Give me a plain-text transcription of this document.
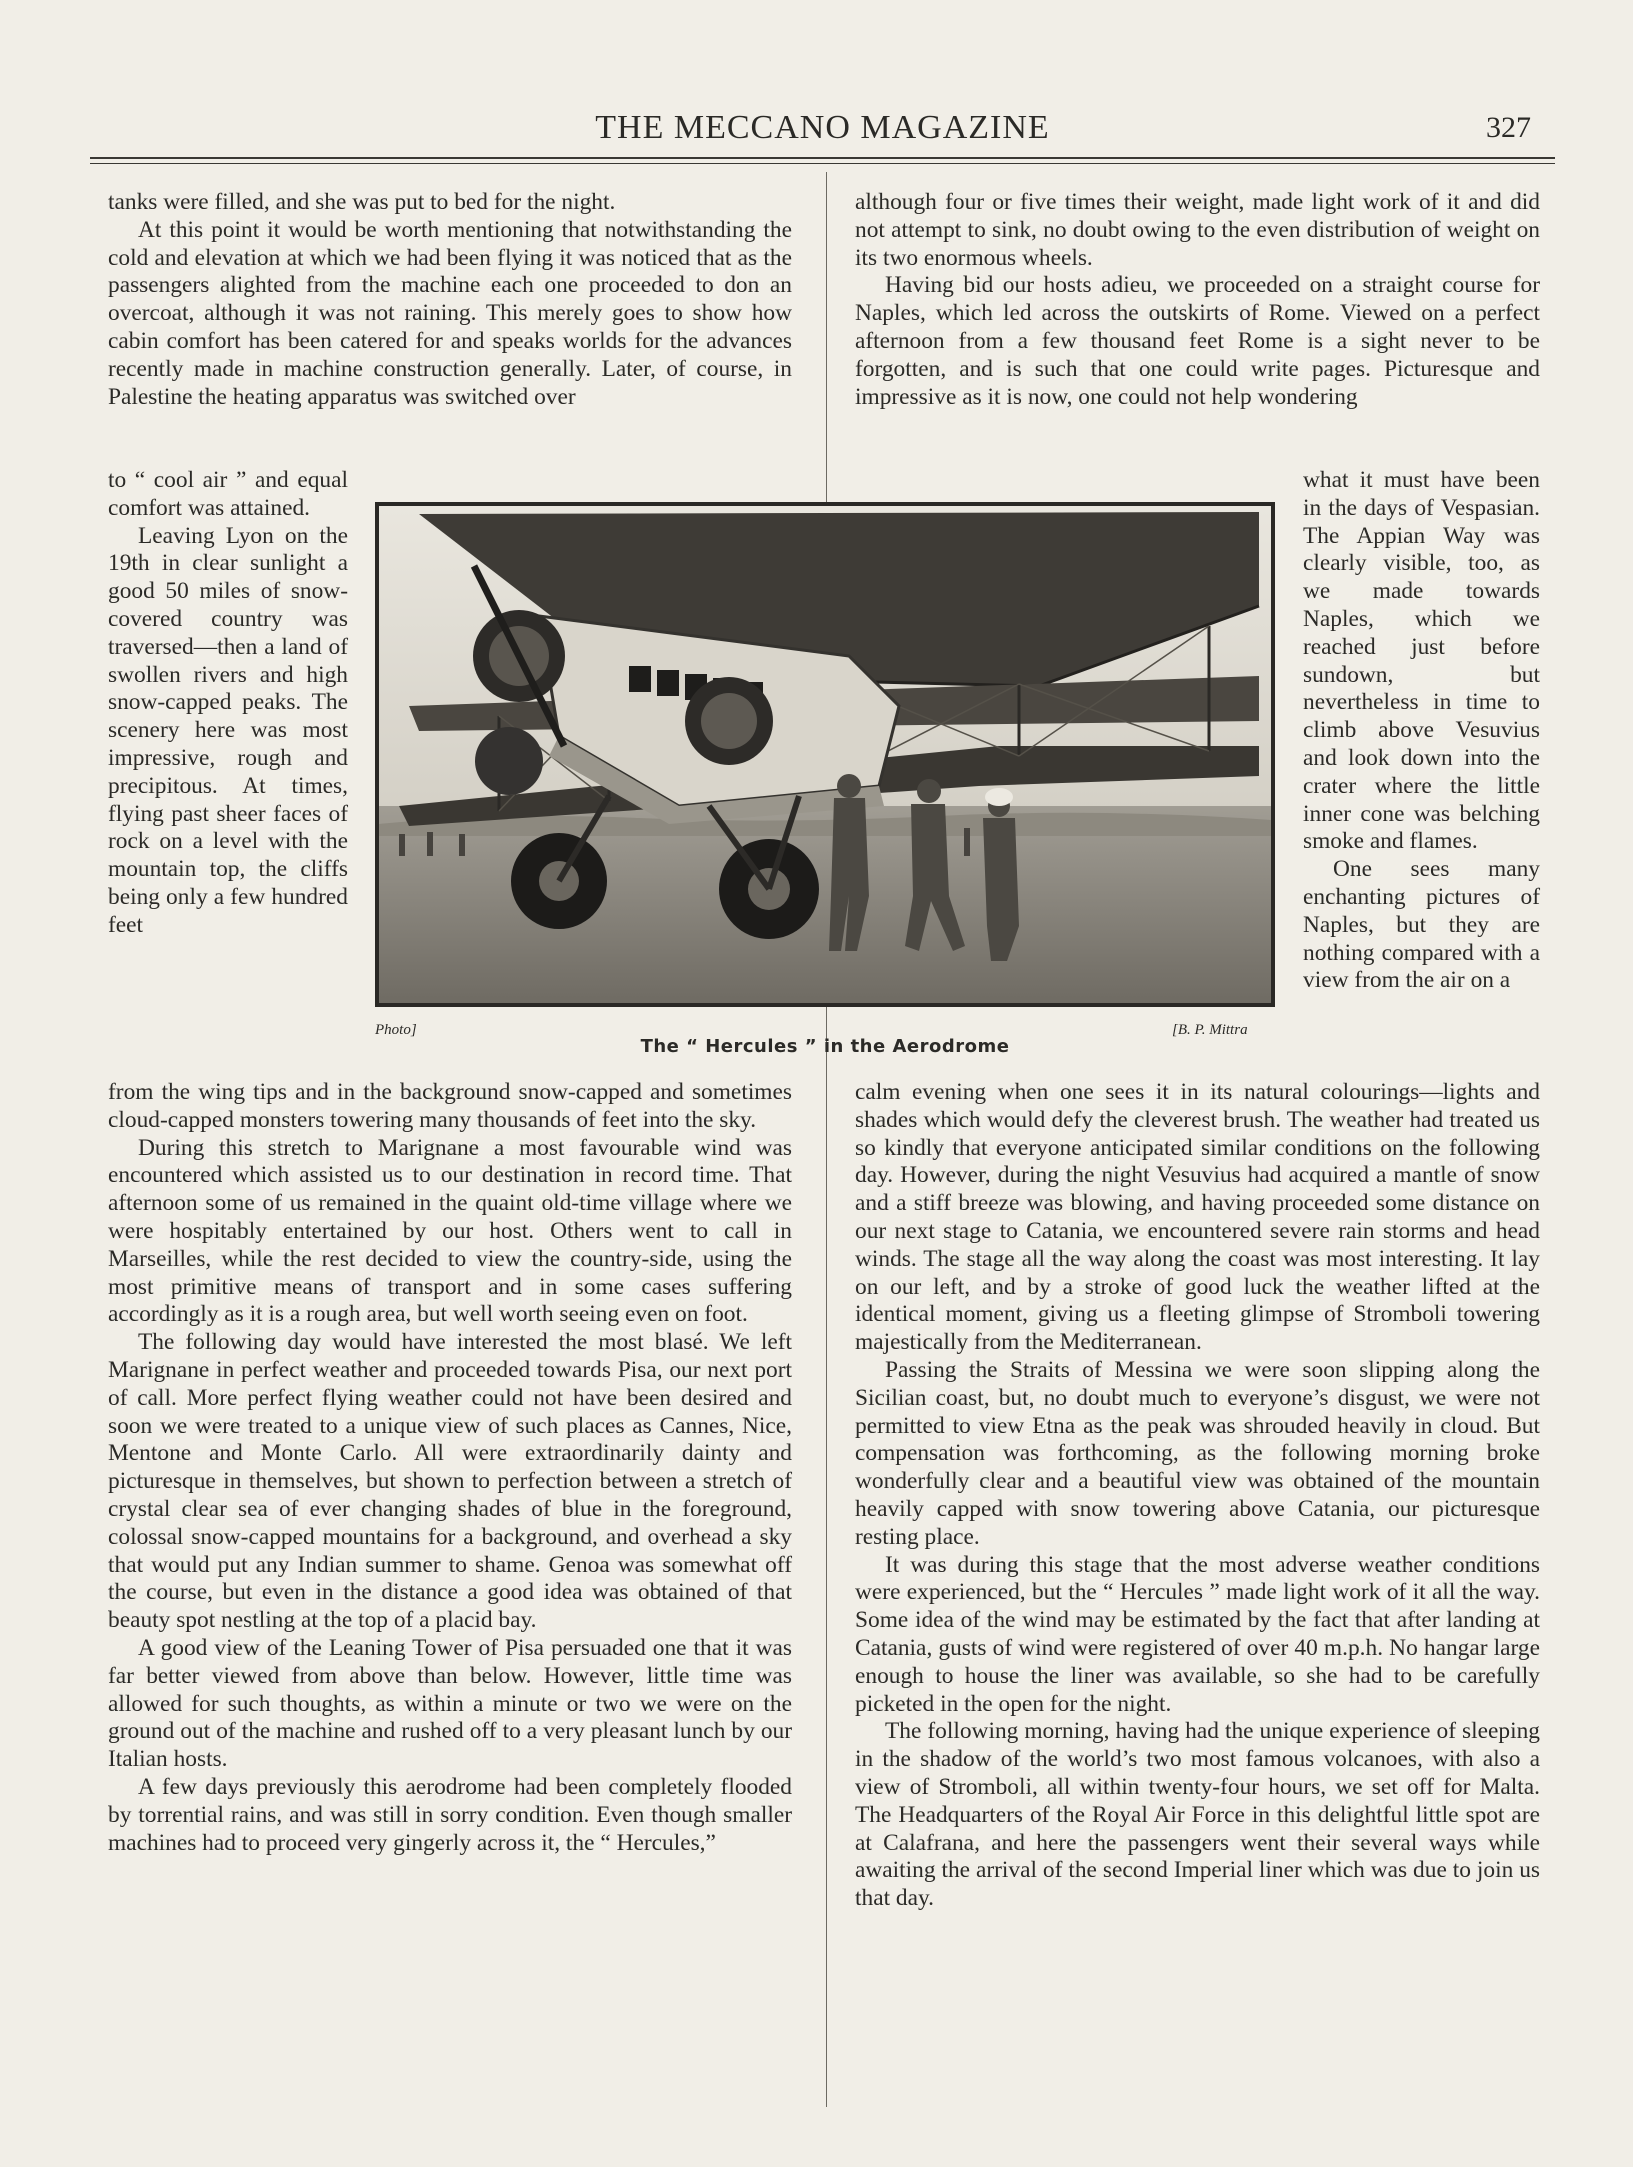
THE MECCANO MAGAZINE	327

tanks were filled, and she was put to bed for the night.

At this point it would be worth mentioning that notwithstanding the cold and elevation at which we had been flying it was noticed that as the passengers alighted from the machine each one proceeded to don an overcoat, although it was not raining. This merely goes to show how cabin comfort has been catered for and speaks worlds for the advances recently made in machine construction generally. Later, of course, in Palestine the heating apparatus was switched over

to “ cool air ” and equal comfort was attained.

Leaving Lyon on the 19th in clear sunlight a good 50 miles of snow-covered country was traversed—then a land of swollen rivers and high snow-capped peaks. The scenery here was most impressive, rough and precipitous. At times, flying past sheer faces of rock on a level with the mountain top, the cliffs being only a few hundred feet

Photo]	[B. P. Mittra
The “ Hercules ” in the Aerodrome

from the wing tips and in the background snow-capped and sometimes cloud-capped monsters towering many thousands of feet into the sky.

During this stretch to Marignane a most favourable wind was encountered which assisted us to our destination in record time. That afternoon some of us remained in the quaint old-time village where we were hospitably entertained by our host. Others went to call in Marseilles, while the rest decided to view the country-side, using the most primitive means of transport and in some cases suffering accordingly as it is a rough area, but well worth seeing even on foot.

The following day would have interested the most blasé. We left Marignane in perfect weather and proceeded towards Pisa, our next port of call. More perfect flying weather could not have been desired and soon we were treated to a unique view of such places as Cannes, Nice, Mentone and Monte Carlo. All were extraordinarily dainty and picturesque in themselves, but shown to perfection between a stretch of crystal clear sea of ever changing shades of blue in the foreground, colossal snow-capped mountains for a background, and overhead a sky that would put any Indian summer to shame. Genoa was somewhat off the course, but even in the distance a good idea was obtained of that beauty spot nestling at the top of a placid bay.

A good view of the Leaning Tower of Pisa persuaded one that it was far better viewed from above than below. However, little time was allowed for such thoughts, as within a minute or two we were on the ground out of the machine and rushed off to a very pleasant lunch by our Italian hosts.

A few days previously this aerodrome had been completely flooded by torrential rains, and was still in sorry condition. Even though smaller machines had to proceed very gingerly across it, the “ Hercules,”

although four or five times their weight, made light work of it and did not attempt to sink, no doubt owing to the even distribution of weight on its two enormous wheels.

Having bid our hosts adieu, we proceeded on a straight course for Naples, which led across the outskirts of Rome. Viewed on a perfect afternoon from a few thousand feet Rome is a sight never to be forgotten, and is such that one could write pages. Picturesque and impressive as it is now, one could not help wondering

what it must have been in the days of Vespasian. The Appian Way was clearly visible, too, as we made towards Naples, which we reached just before sundown, but nevertheless in time to climb above Vesuvius and look down into the crater where the little inner cone was belching smoke and flames.

One sees many enchanting pictures of Naples, but they are nothing compared with a view from the air on a

calm evening when one sees it in its natural colourings—lights and shades which would defy the cleverest brush. The weather had treated us so kindly that everyone anticipated similar conditions on the following day. However, during the night Vesuvius had acquired a mantle of snow and a stiff breeze was blowing, and having proceeded some distance on our next stage to Catania, we encountered severe rain storms and head winds. The stage all the way along the coast was most interesting. It lay on our left, and by a stroke of good luck the weather lifted at the identical moment, giving us a fleeting glimpse of Stromboli towering majestically from the Mediterranean.

Passing the Straits of Messina we were soon slipping along the Sicilian coast, but, no doubt much to everyone’s disgust, we were not permitted to view Etna as the peak was shrouded heavily in cloud. But compensation was forthcoming, as the following morning broke wonderfully clear and a beautiful view was obtained of the mountain heavily capped with snow towering above Catania, our picturesque resting place.

It was during this stage that the most adverse weather conditions were experienced, but the “ Hercules ” made light work of it all the way. Some idea of the wind may be estimated by the fact that after landing at Catania, gusts of wind were registered of over 40 m.p.h. No hangar large enough to house the liner was available, so she had to be carefully picketed in the open for the night.

The following morning, having had the unique experience of sleeping in the shadow of the world’s two most famous volcanoes, with also a view of Stromboli, all within twenty-four hours, we set off for Malta. The Headquarters of the Royal Air Force in this delightful little spot are at Calafrana, and here the passengers went their several ways while awaiting the arrival of the second Imperial liner which was due to join us that day.
